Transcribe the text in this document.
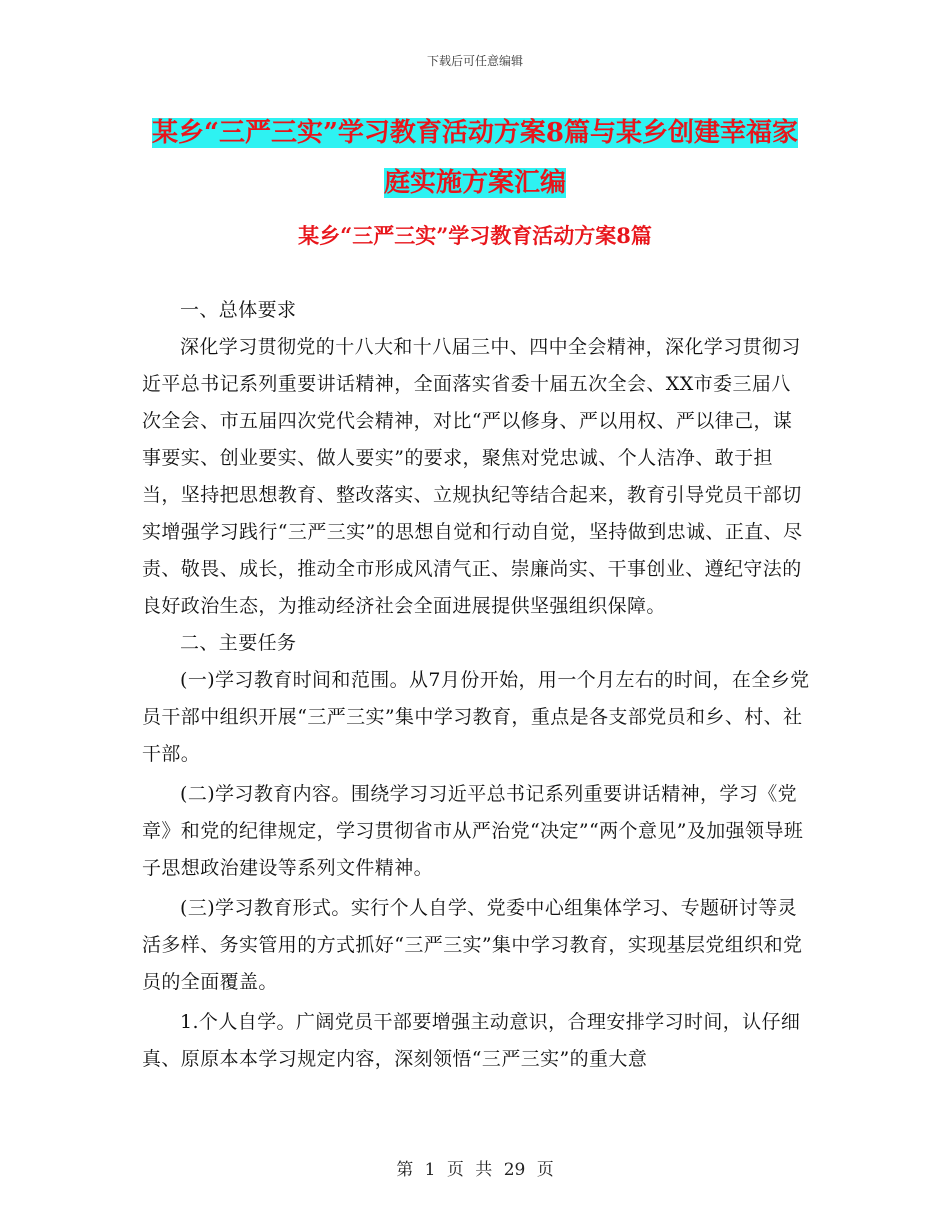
下载后可任意编辑
某乡“三严三实”学习教育活动方案8篇与某乡创建幸福家庭实施方案汇编
某乡“三严三实”学习教育活动方案8篇

一、总体要求

深化学习贯彻党的十八大和十八届三中、四中全会精神，深化学习贯彻习近平总书记系列重要讲话精神，全面落实省委十届五次全会、XX市委三届八次全会、市五届四次党代会精神，对比“严以修身、严以用权、严以律己，谋事要实、创业要实、做人要实”的要求，聚焦对党忠诚、个人洁净、敢于担当，坚持把思想教育、整改落实、立规执纪等结合起来，教育引导党员干部切实增强学习践行“三严三实”的思想自觉和行动自觉，坚持做到忠诚、正直、尽责、敬畏、成长，推动全市形成风清气正、崇廉尚实、干事创业、遵纪守法的良好政治生态，为推动经济社会全面进展提供坚强组织保障。

二、主要任务

(一)学习教育时间和范围。从7月份开始，用一个月左右的时间，在全乡党员干部中组织开展“三严三实”集中学习教育，重点是各支部党员和乡、村、社干部。

(二)学习教育内容。围绕学习习近平总书记系列重要讲话精神，学习《党章》和党的纪律规定，学习贯彻省市从严治党“决定”“两个意见”及加强领导班子思想政治建设等系列文件精神。

(三)学习教育形式。实行个人自学、党委中心组集体学习、专题研讨等灵活多样、务实管用的方式抓好“三严三实”集中学习教育，实现基层党组织和党员的全面覆盖。

1.个人自学。广阔党员干部要增强主动意识，合理安排学习时间，认仔细真、原原本本学习规定内容，深刻领悟“三严三实”的重大意

第 1 页 共 29 页
